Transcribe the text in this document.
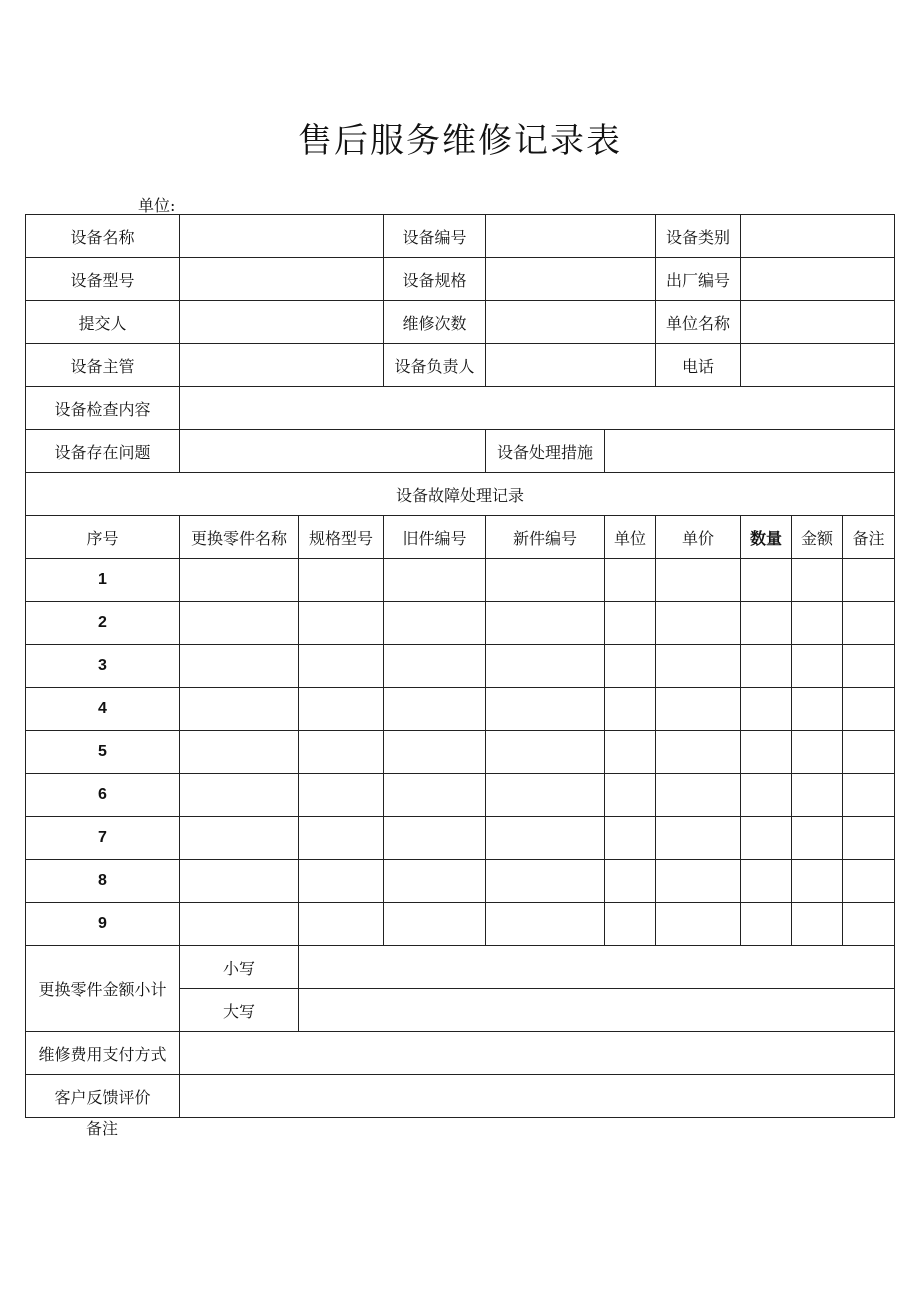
售后服务维修记录表
单位:
设备名称			设备编号			设备类别			
设备型号			设备规格			出厂编号			
提交人			维修次数			单位名称			
设备主管			设备负责人			电话			
设备检查内容									
设备存在问题				设备处理措施					
设备故障处理记录									
序号	更换零件名称	规格型号	旧件编号	新件编号	单位	单价	数量	金额	备注
1									
2									
3									
4									
5									
6									
7									
8									
9									
更换零件金额小计	小写								
	大写								
维修费用支付方式									
客户反馈评价									
备注
